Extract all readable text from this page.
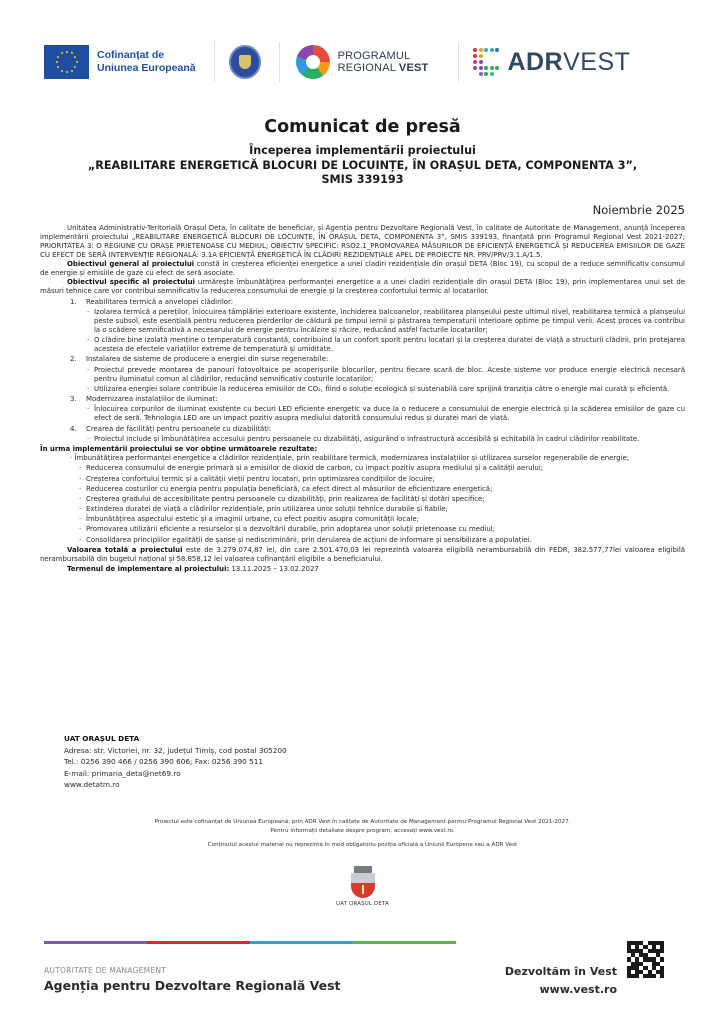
Cofinanțat de
Uniunea Europeană
PROGRAMUL
REGIONAL VEST	ADRVEST
Comunicat de presă
Începerea implementării proiectului
„REABILITARE ENERGETICĂ BLOCURI DE LOCUINȚE, ÎN ORAȘUL DETA, COMPONENTA 3”,
SMIS 339193
Noiembrie 2025
Unitatea Administrativ-Teritorială Orașul Deta, în calitate de beneficiar, și Agenția pentru Dezvoltare Regională Vest, în calitate de Autoritate de Management, anunță începerea implementării proiectului „REABILITARE ENERGETICĂ BLOCURI DE LOCUINȚE, ÎN ORAȘUL DETA, COMPONENTA 3”, SMIS 339193, finanțată prin Programul Regional Vest 2021-2027; PRIORITATEA 3: O REGIUNE CU ORAȘE PRIETENOASE CU MEDIUL; OBIECTIV SPECIFIC: RSO2.1_PROMOVAREA MĂSURILOR DE EFICIENȚĂ ENERGETICĂ ȘI REDUCEREA EMISIILOR DE GAZE CU EFECT DE SERĂ INTERVENȚIE REGIONALĂ: 3.1A EFICIENȚĂ ENERGETICĂ ÎN CLĂDIRI REZIDENȚIALE APEL DE PROIECTE NR. PRV/PRV/3.1.A/1.5.
Obiectivul general al proiectului constă în creșterea eficienței energetice a unei cladiri rezidențiale din orașul DETA (Bloc 19), cu scopul de a reduce semnificativ consumul de energie și emisiile de gaze cu efect de seră asociate.
Obiectivul specific al proiectului urmărește îmbunătățirea performanței energetice a a unei cladiri rezidențiale din orașul DETA (Bloc 19), prin implementarea unui set de măsuri tehnice care vor contribui semnificativ la reducerea consumului de energie și la creșterea confortului termic al locatarilor.
1.	Reabilitarea termică a anvelopei clădirilor:
· Izolarea termică a pereților, înlocuirea tâmplăriei exterioare existente, închiderea balcoanelor, reabilitarea planșeului peste ultimul nivel, reabilitarea termică a planșeului peste subsol, este esențială pentru reducerea pierderilor de căldură pe timpul iernii și păstrarea temperaturii interioare optime pe timpul verii. Acest proces va contribui la o scădere semnificativă a necesarului de energie pentru încălzire și răcire, reducând astfel facturile locatarilor;
· O clădire bine izolată menține o temperatură constantă, contribuind la un confort sporit pentru locatari și la creșterea duratei de viață a structurii clădirii, prin protejarea acesteia de efectele variațiilor extreme de temperatură și umiditate.
2.	Instalarea de sisteme de producere a energiei din surse regenerabile:
· Proiectul prevede montarea de panouri fotovoltaice pe acoperișurile blocurilor, pentru fiecare scară de bloc. Aceste sisteme vor produce energie electrică necesară pentru iluminatul comun al clădirilor, reducând semnificativ costurile locatarilor;
· Utilizarea energiei solare contribuie la reducerea emisiilor de CO₂, fiind o soluție ecologică și sustenabilă care sprijină tranziția către o energie mai curată și eficientă.
3.	Modernizarea instalațiilor de iluminat:
· Înlocuirea corpurilor de iluminat existente cu becuri LED eficiente energetic va duce la o reducere a consumului de energie electrică și la scăderea emisiilor de gaze cu efect de seră. Tehnologia LED are un impact pozitiv asupra mediului datorită consumului redus și duratei mari de viață.
4.	Crearea de facilități pentru persoanele cu dizabilități:
· Proiectul include și îmbunătățirea accesului pentru persoanele cu dizabilități, asigurând o infrastructură accesibilă și echitabilă în cadrul clădirilor reabilitate.
În urma implementării proiectului se vor obține următoarele rezultate:
· Îmbunătățirea performanței energetice a clădirilor rezidențiale, prin reabilitare termică, modernizarea instalațiilor și utilizarea surselor regenerabile de energie;
· Reducerea consumului de energie primară și a emisiilor de dioxid de carbon, cu impact pozitiv asupra mediului și a calității aerului;
· Creșterea confortului termic și a calității vieții pentru locatari, prin optimizarea condițiilor de locuire;
· Reducerea costurilor cu energia pentru populația beneficiară, ca efect direct al măsurilor de eficientizare energetică;
· Creșterea gradului de accesibilitate pentru persoanele cu dizabilități, prin realizarea de facilități și dotări specifice;
· Extinderea duratei de viață a clădirilor rezidențiale, prin utilizarea unor soluții tehnice durabile și fiabile;
· Îmbunătățirea aspectului estetic și a imaginii urbane, cu efect pozitiv asupra comunității locale;
· Promovarea utilizării eficiente a resurselor și a dezvoltării durabile, prin adoptarea unor soluții prietenoase cu mediul;
· Consolidarea principiilor egalității de șanse și nediscriminării, prin derularea de acțiuni de informare și sensibilizare a populației.
Valoarea totală a proiectului este de 3.279.074,87 lei, din care 2.501.470,03 lei reprezintă valoarea eligibilă nerambursabilă din FEDR, 382.577,77lei valoarea eligibilă nerambursabilă din bugetul național și 58.858,12 lei valoarea cofinanțării eligibile a beneficiarului.
Termenul de implementare al proiectului: 13.11.2025 – 13.02.2027
UAT ORAȘUL DETA
Adresa: str. Victoriei, nr. 32, județul Timiș, cod postal 305200
Tel.: 0256 390 466 / 0256 390 606; Fax: 0256 390 511
E-mail: primaria_deta@net69.ro
www.detatm.ro
Proiectul este cofinanțat de Uniunea Europeană, prin ADR Vest în calitate de Autoritate de Management pentru Programul Regional Vest 2021-2027.
Pentru informații detaliate despre program, accesați www.vest.ro.
Conținutul acestui material nu reprezintă în mod obligatoriu poziția oficială a Uniunii Europene sau a ADR Vest
UAT ORAȘUL DETA
AUTORITATE DE MANAGEMENT
Agenția pentru Dezvoltare Regională Vest
Dezvoltăm în Vest
www.vest.ro
